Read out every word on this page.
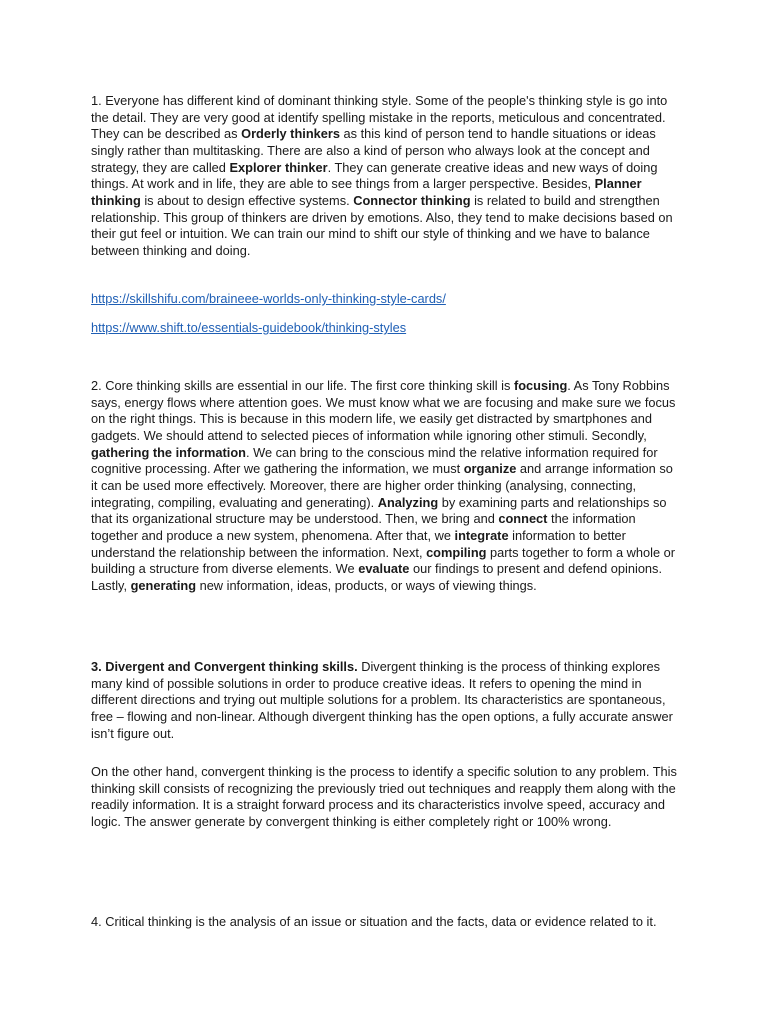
1. Everyone has different kind of dominant thinking style. Some of the people's thinking style is go into the detail. They are very good at identify spelling mistake in the reports, meticulous and concentrated. They can be described as Orderly thinkers as this kind of person tend to handle situations or ideas singly rather than multitasking. There are also a kind of person who always look at the concept and strategy, they are called Explorer thinker. They can generate creative ideas and new ways of doing things. At work and in life, they are able to see things from a larger perspective. Besides, Planner thinking is about to design effective systems. Connector thinking is related to build and strengthen relationship. This group of thinkers are driven by emotions. Also, they tend to make decisions based on their gut feel or intuition. We can train our mind to shift our style of thinking and we have to balance between thinking and doing.

https://skillshifu.com/braineee-worlds-only-thinking-style-cards/
https://www.shift.to/essentials-guidebook/thinking-styles

2. Core thinking skills are essential in our life. The first core thinking skill is focusing. As Tony Robbins says, energy flows where attention goes. We must know what we are focusing and make sure we focus on the right things. This is because in this modern life, we easily get distracted by smartphones and gadgets. We should attend to selected pieces of information while ignoring other stimuli. Secondly, gathering the information. We can bring to the conscious mind the relative information required for cognitive processing. After we gathering the information, we must organize and arrange information so it can be used more effectively. Moreover, there are higher order thinking (analysing, connecting, integrating, compiling, evaluating and generating). Analyzing by examining parts and relationships so that its organizational structure may be understood. Then, we bring and connect the information together and produce a new system, phenomena. After that, we integrate information to better understand the relationship between the information. Next, compiling parts together to form a whole or building a structure from diverse elements. We evaluate our findings to present and defend opinions. Lastly, generating new information, ideas, products, or ways of viewing things.

3. Divergent and Convergent thinking skills. Divergent thinking is the process of thinking explores many kind of possible solutions in order to produce creative ideas. It refers to opening the mind in different directions and trying out multiple solutions for a problem. Its characteristics are spontaneous, free – flowing and non-linear. Although divergent thinking has the open options, a fully accurate answer isn’t figure out.

On the other hand, convergent thinking is the process to identify a specific solution to any problem. This thinking skill consists of recognizing the previously tried out techniques and reapply them along with the readily information. It is a straight forward process and its characteristics involve speed, accuracy and logic. The answer generate by convergent thinking is either completely right or 100% wrong.

4. Critical thinking is the analysis of an issue or situation and the facts, data or evidence related to it.
